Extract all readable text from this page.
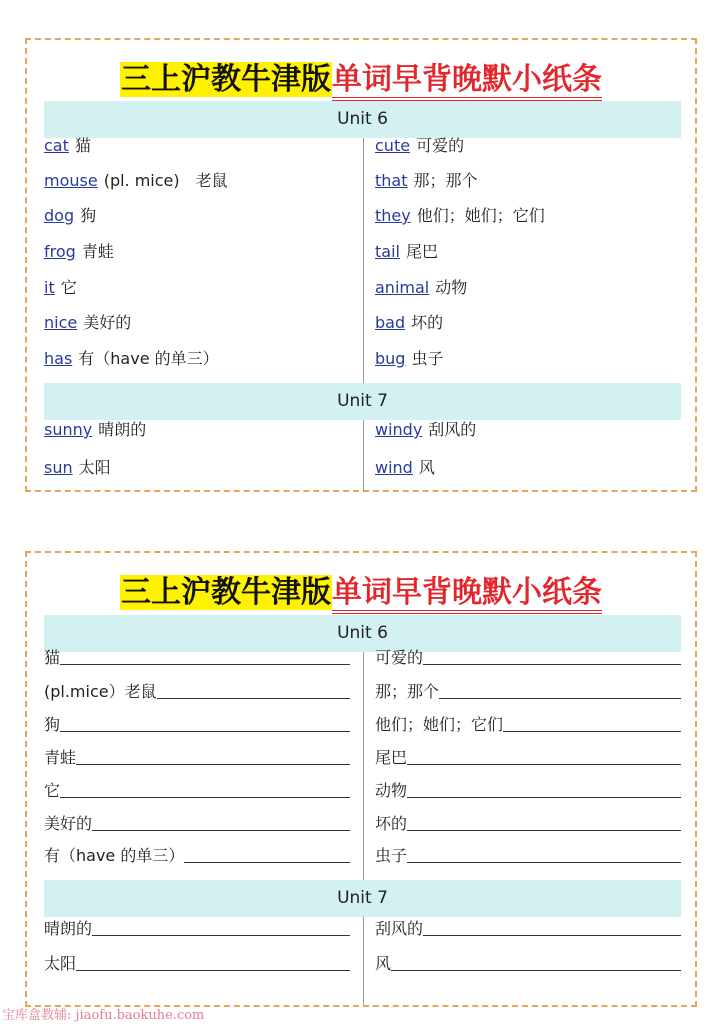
三上沪教牛津版单词早背晚默小纸条
Unit 6
cat 猫
mouse (pl. mice)　老鼠
dog 狗
frog 青蛙
it 它
nice 美好的
has 有（have 的单三）
cute 可爱的
that 那；那个
they 他们；她们；它们
tail 尾巴
animal 动物
bad 坏的
bug 虫子
Unit 7
sunny 晴朗的
sun 太阳
windy 刮风的
wind 风
三上沪教牛津版单词早背晚默小纸条
Unit 6
猫
(pl.mice）老鼠
狗
青蛙
它
美好的
有（have 的单三）
可爱的
那；那个
他们；她们；它们
尾巴
动物
坏的
虫子
Unit 7
晴朗的
太阳
刮风的
风
宝库盒教辅: jiaofu.baokuhe.com
